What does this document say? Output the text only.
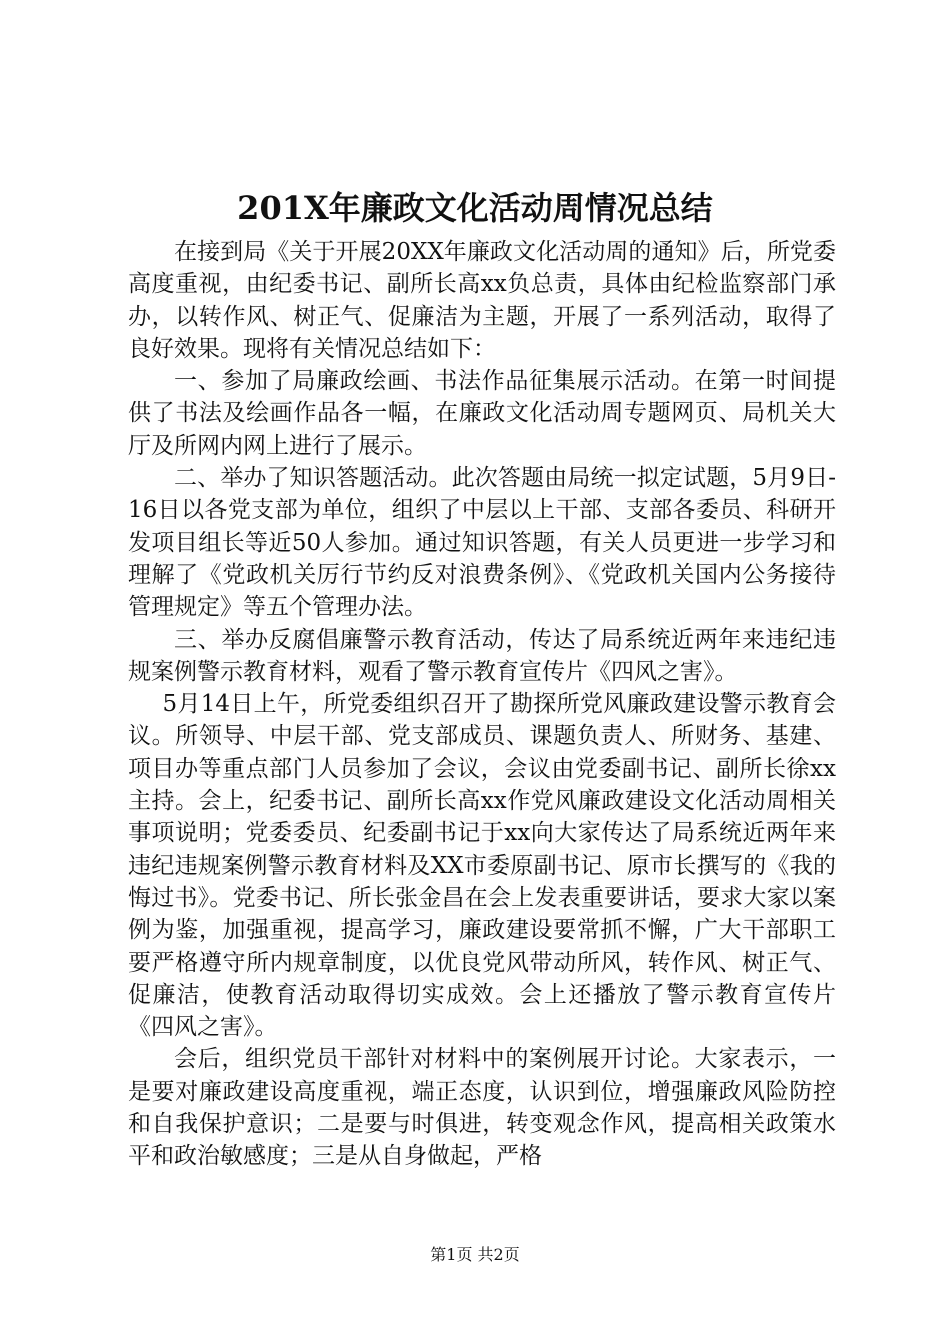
201X年廉政文化活动周情况总结

在接到局《关于开展20XX年廉政文化活动周的通知》后，所党委高度重视，由纪委书记、副所长高xx负总责，具体由纪检监察部门承办，以转作风、树正气、促廉洁为主题，开展了一系列活动，取得了良好效果。现将有关情况总结如下：

一、参加了局廉政绘画、书法作品征集展示活动。在第一时间提供了书法及绘画作品各一幅，在廉政文化活动周专题网页、局机关大厅及所网内网上进行了展示。

二、举办了知识答题活动。此次答题由局统一拟定试题，5月9日-16日以各党支部为单位，组织了中层以上干部、支部各委员、科研开发项目组长等近50人参加。通过知识答题，有关人员更进一步学习和理解了《党政机关厉行节约反对浪费条例》、《党政机关国内公务接待管理规定》等五个管理办法。

三、举办反腐倡廉警示教育活动，传达了局系统近两年来违纪违规案例警示教育材料，观看了警示教育宣传片《四风之害》。

5月14日上午，所党委组织召开了勘探所党风廉政建设警示教育会议。所领导、中层干部、党支部成员、课题负责人、所财务、基建、项目办等重点部门人员参加了会议，会议由党委副书记、副所长徐xx主持。会上，纪委书记、副所长高xx作党风廉政建设文化活动周相关事项说明；党委委员、纪委副书记于xx向大家传达了局系统近两年来违纪违规案例警示教育材料及XX市委原副书记、原市长撰写的《我的悔过书》。党委书记、所长张金昌在会上发表重要讲话，要求大家以案例为鉴，加强重视，提高学习，廉政建设要常抓不懈，广大干部职工要严格遵守所内规章制度，以优良党风带动所风，转作风、树正气、促廉洁，使教育活动取得切实成效。会上还播放了警示教育宣传片《四风之害》。

会后，组织党员干部针对材料中的案例展开讨论。大家表示，一是要对廉政建设高度重视，端正态度，认识到位，增强廉政风险防控和自我保护意识；二是要与时俱进，转变观念作风，提高相关政策水平和政治敏感度；三是从自身做起，严格

第1页 共2页
